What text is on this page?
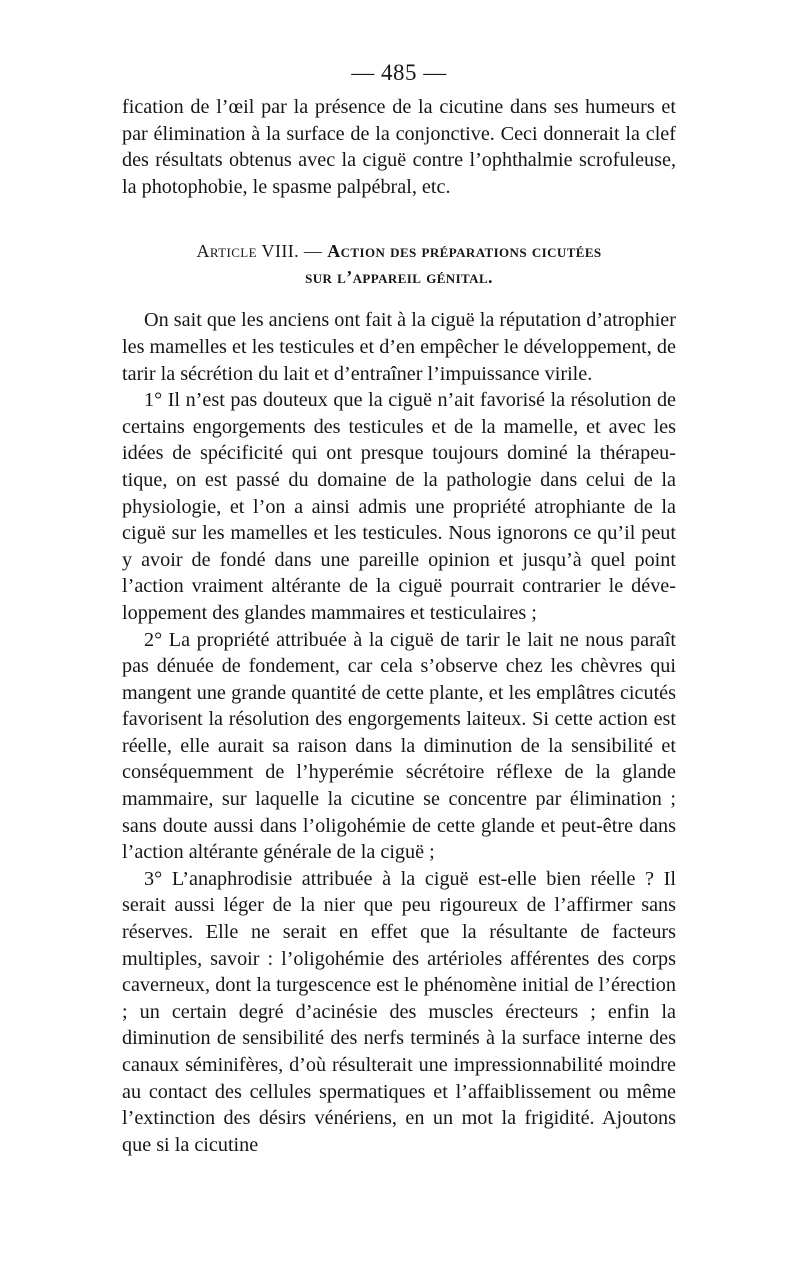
— 485 —

fication de l’œil par la présence de la cicutine dans ses humeurs et par élimination à la surface de la conjonctive. Ceci donnerait la clef des résultats obtenus avec la ciguë contre l’ophthalmie scrofuleuse, la photophobie, le spasme palpébral, etc.

Article VIII. — Action des préparations cicutées
sur l’appareil génital.

On sait que les anciens ont fait à la ciguë la réputation d’atrophier les mamelles et les testicules et d’en empêcher le développement, de tarir la sécrétion du lait et d’entraîner l’impuissance virile.

1° Il n’est pas douteux que la ciguë n’ait favorisé la résolution de certains engorgements des testicules et de la mamelle, et avec les idées de spécificité qui ont presque toujours dominé la thérapeutique, on est passé du domaine de la pathologie dans celui de la physiologie, et l’on a ainsi admis une propriété atrophiante de la ciguë sur les mamelles et les testicules. Nous ignorons ce qu’il peut y avoir de fondé dans une pareille opinion et jusqu’à quel point l’action vraiment altérante de la ciguë pourrait contrarier le développement des glandes mammaires et testiculaires ;

2° La propriété attribuée à la ciguë de tarir le lait ne nous paraît pas dénuée de fondement, car cela s’observe chez les chèvres qui mangent une grande quantité de cette plante, et les emplâtres cicutés favorisent la résolution des engorgements laiteux. Si cette action est réelle, elle aurait sa raison dans la diminution de la sensibilité et conséquemment de l’hyperémie sécrétoire réflexe de la glande mammaire, sur laquelle la cicutine se concentre par élimination ; sans doute aussi dans l’oligohémie de cette glande et peut-être dans l’action altérante générale de la ciguë ;

3° L’anaphrodisie attribuée à la ciguë est-elle bien réelle ? Il serait aussi léger de la nier que peu rigoureux de l’affirmer sans réserves. Elle ne serait en effet que la résultante de facteurs multiples, savoir : l’oligohémie des artérioles afférentes des corps caverneux, dont la turgescence est le phénomène initial de l’érection ; un certain degré d’acinésie des muscles érecteurs ; enfin la diminution de sensibilité des nerfs terminés à la surface interne des canaux séminifères, d’où résulterait une impressionnabilité moindre au contact des cellules spermatiques et l’affaiblissement ou même l’extinction des désirs vénériens, en un mot la frigidité. Ajoutons que si la cicutine
